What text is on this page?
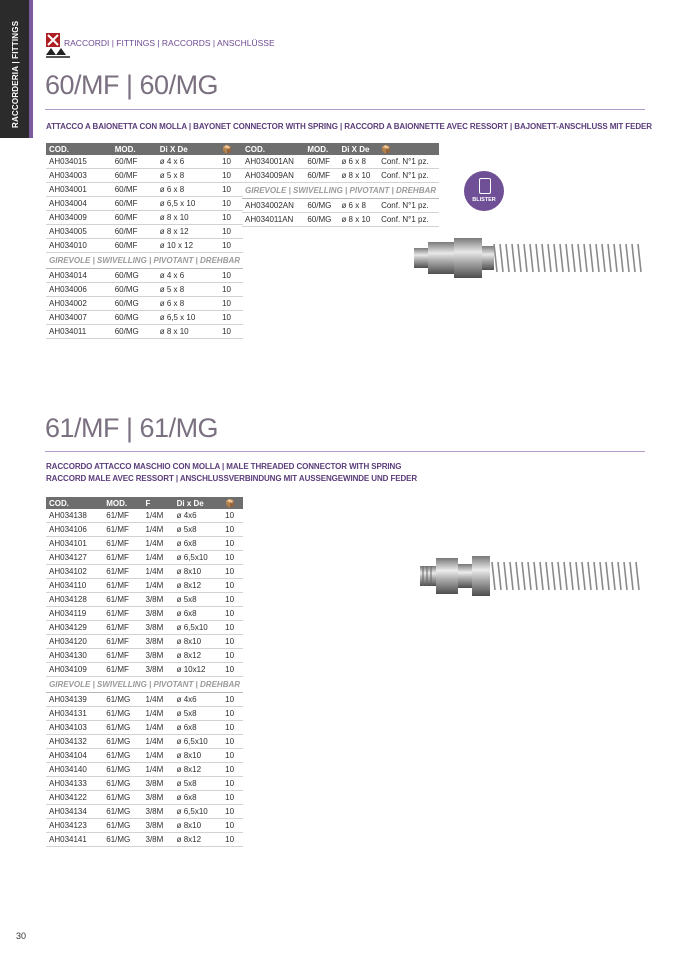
RACCORDERIA | FITTINGS	RACCORDI | FITTINGS | RACCORDS | ANSCHLÜSSE
60/MF | 60/MG
ATTACCO A BAIONETTA CON MOLLA | BAYONET CONNECTOR WITH SPRING | RACCORD A BAIONNETTE AVEC RESSORT | BAJONETT-ANSCHLUSS MIT FEDER
COD.	MOD.	Di X De	📦
AH034015	60/MF	ø 4 x 6	10
AH034003	60/MF	ø 5 x 8	10
AH034001	60/MF	ø 6 x 8	10
AH034004	60/MF	ø 6,5 x 10	10
AH034009	60/MF	ø 8 x 10	10
AH034005	60/MF	ø 8 x 12	10
AH034010	60/MF	ø 10 x 12	10
GIREVOLE | SWIVELLING | PIVOTANT | DREHBAR			
AH034014	60/MG	ø 4 x 6	10
AH034006	60/MG	ø 5 x 8	10
AH034002	60/MG	ø 6 x 8	10
AH034007	60/MG	ø 6,5 x 10	10
AH034011	60/MG	ø 8 x 10	10
COD.	MOD.	Di X De	📦
AH034001AN	60/MF	ø 6 x 8	Conf. N°1 pz.
AH034009AN	60/MF	ø 8 x 10	Conf. N°1 pz.
GIREVOLE | SWIVELLING | PIVOTANT | DREHBAR			
AH034002AN	60/MG	ø 6 x 8	Conf. N°1 pz.
AH034011AN	60/MG	ø 8 x 10	Conf. N°1 pz.
BLISTER
61/MF | 61/MG
RACCORDO ATTACCO MASCHIO CON MOLLA | MALE THREADED CONNECTOR WITH SPRING
RACCORD MALE AVEC RESSORT | ANSCHLUSSVERBINDUNG MIT AUSSENGEWINDE UND FEDER
COD.	MOD.	F	Di x De	📦
AH034138	61/MF	1/4M	ø 4x6	10
AH034106	61/MF	1/4M	ø 5x8	10
AH034101	61/MF	1/4M	ø 6x8	10
AH034127	61/MF	1/4M	ø 6,5x10	10
AH034102	61/MF	1/4M	ø 8x10	10
AH034110	61/MF	1/4M	ø 8x12	10
AH034128	61/MF	3/8M	ø 5x8	10
AH034119	61/MF	3/8M	ø 6x8	10
AH034129	61/MF	3/8M	ø 6,5x10	10
AH034120	61/MF	3/8M	ø 8x10	10
AH034130	61/MF	3/8M	ø 8x12	10
AH034109	61/MF	3/8M	ø 10x12	10
GIREVOLE | SWIVELLING | PIVOTANT | DREHBAR				
AH034139	61/MG	1/4M	ø 4x6	10
AH034131	61/MG	1/4M	ø 5x8	10
AH034103	61/MG	1/4M	ø 6x8	10
AH034132	61/MG	1/4M	ø 6,5x10	10
AH034104	61/MG	1/4M	ø 8x10	10
AH034140	61/MG	1/4M	ø 8x12	10
AH034133	61/MG	3/8M	ø 5x8	10
AH034122	61/MG	3/8M	ø 6x8	10
AH034134	61/MG	3/8M	ø 6,5x10	10
AH034123	61/MG	3/8M	ø 8x10	10
AH034141	61/MG	3/8M	ø 8x12	10
30
